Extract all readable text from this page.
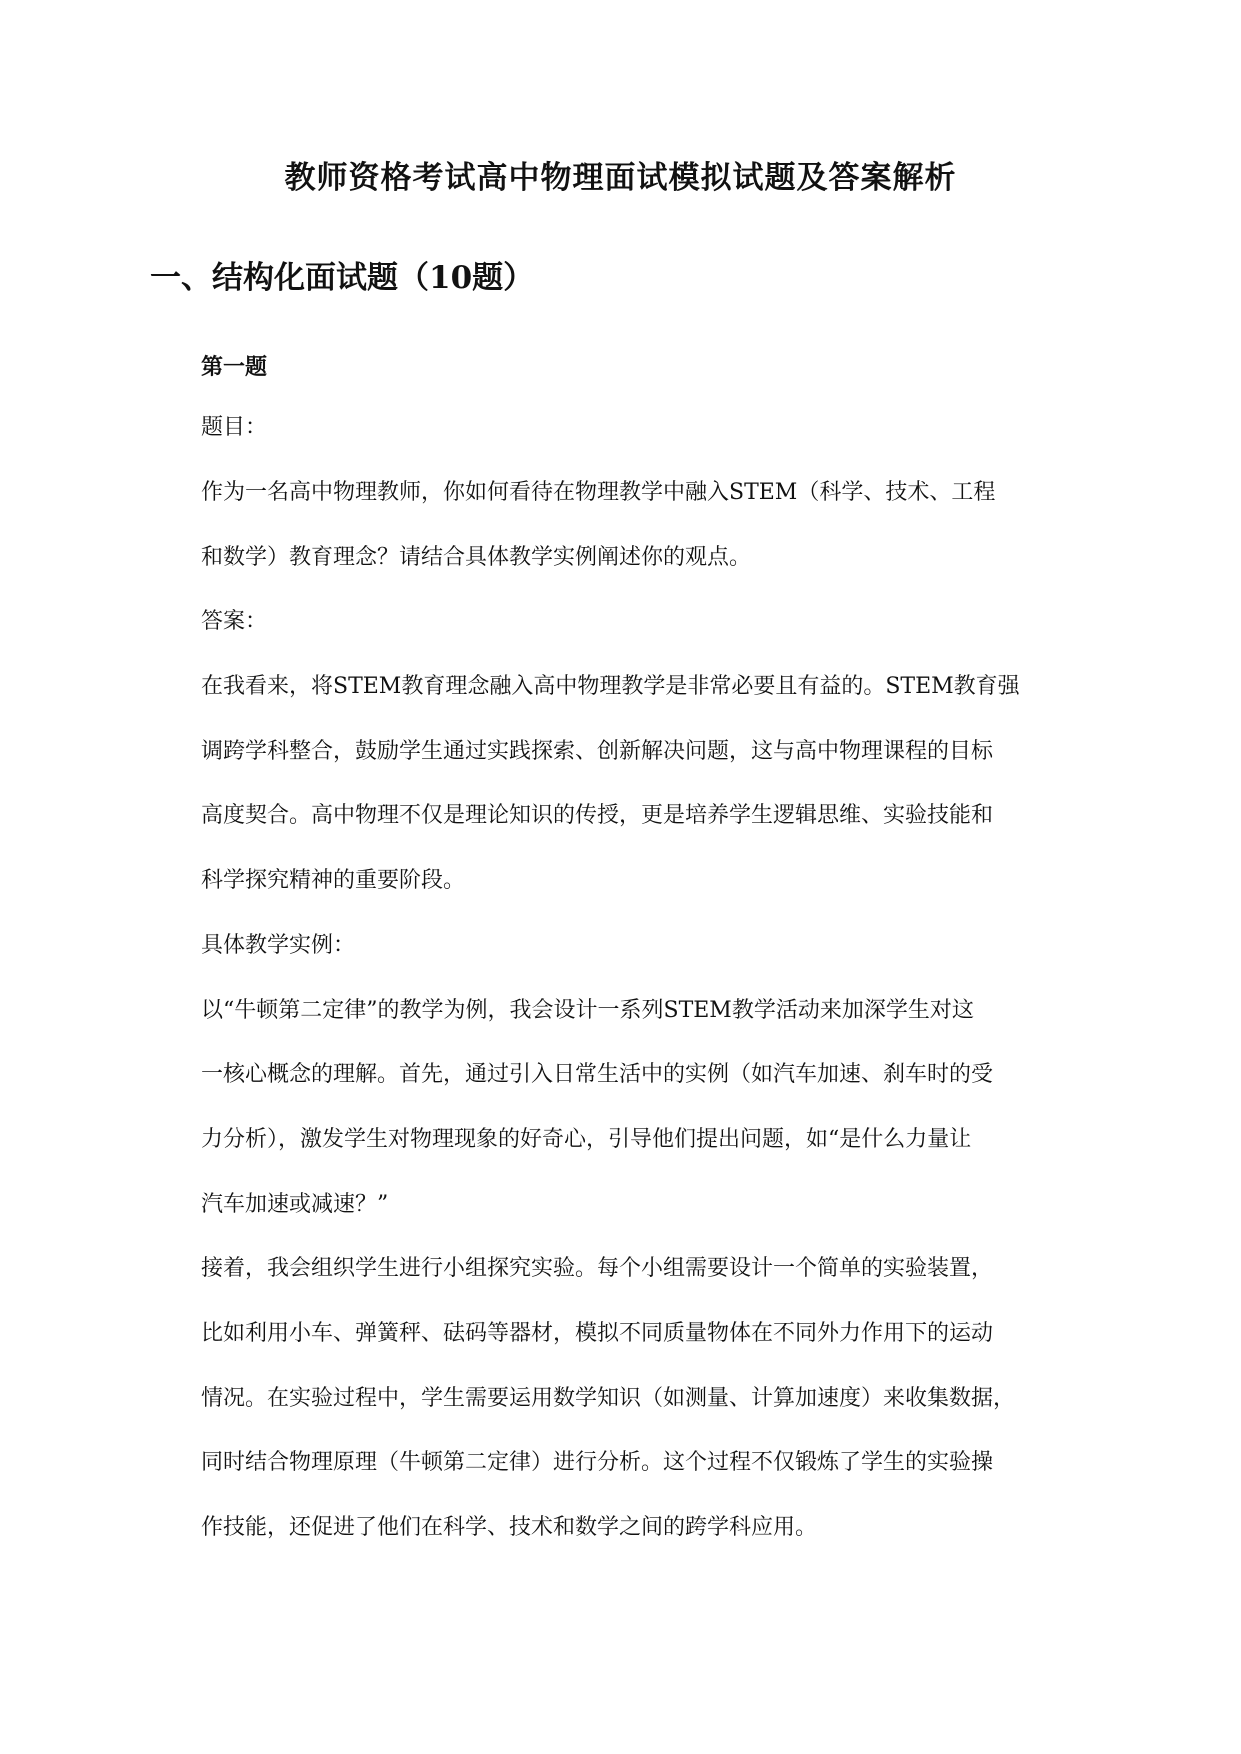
教师资格考试高中物理面试模拟试题及答案解析
一、结构化面试题（10题）
第一题

题目：

作为一名高中物理教师，你如何看待在物理教学中融入STEM（科学、技术、工程

和数学）教育理念？请结合具体教学实例阐述你的观点。

答案：

在我看来，将STEM教育理念融入高中物理教学是非常必要且有益的。STEM教育强

调跨学科整合，鼓励学生通过实践探索、创新解决问题，这与高中物理课程的目标

高度契合。高中物理不仅是理论知识的传授，更是培养学生逻辑思维、实验技能和

科学探究精神的重要阶段。

具体教学实例：

以“牛顿第二定律”的教学为例，我会设计一系列STEM教学活动来加深学生对这

一核心概念的理解。首先，通过引入日常生活中的实例（如汽车加速、刹车时的受

力分析），激发学生对物理现象的好奇心，引导他们提出问题，如“是什么力量让

汽车加速或减速？”

接着，我会组织学生进行小组探究实验。每个小组需要设计一个简单的实验装置，

比如利用小车、弹簧秤、砝码等器材，模拟不同质量物体在不同外力作用下的运动

情况。在实验过程中，学生需要运用数学知识（如测量、计算加速度）来收集数据，

同时结合物理原理（牛顿第二定律）进行分析。这个过程不仅锻炼了学生的实验操

作技能，还促进了他们在科学、技术和数学之间的跨学科应用。
